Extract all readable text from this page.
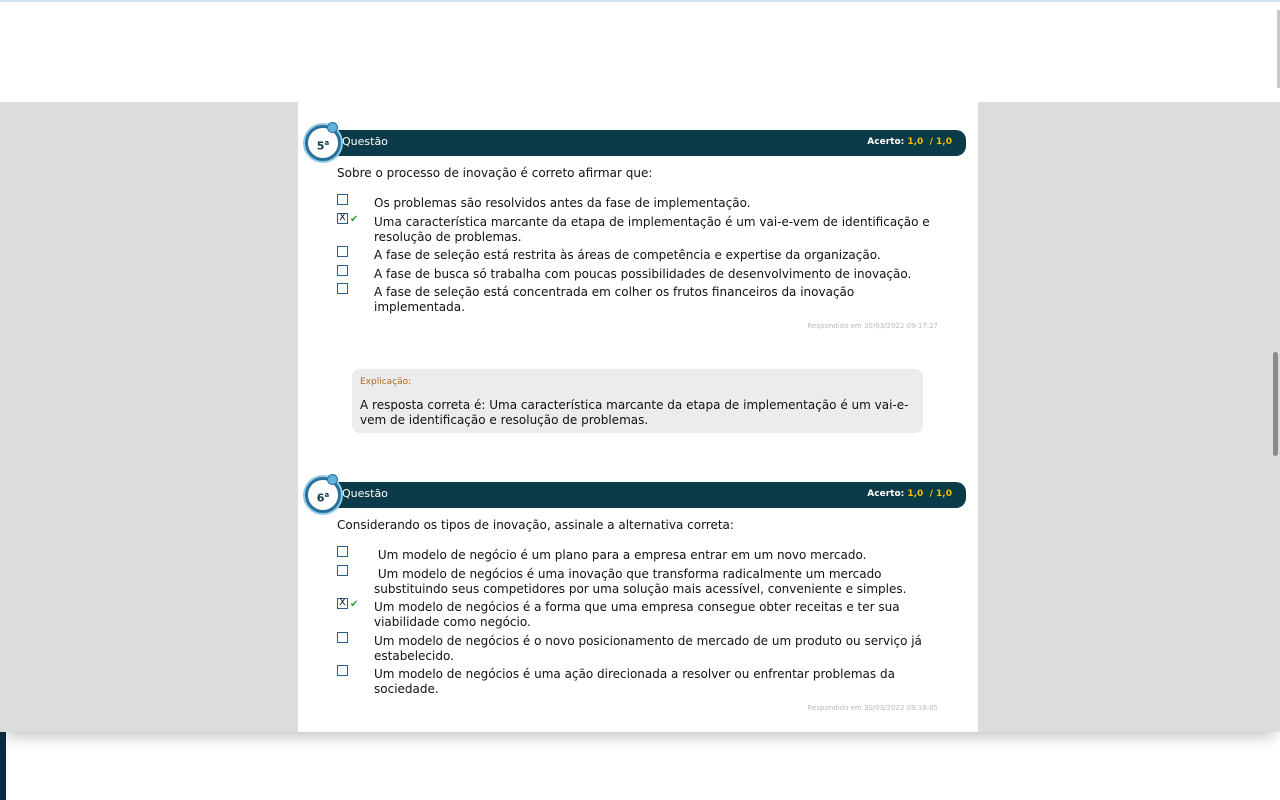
Questão	Acerto: 1,0 / 1,0
5$^a$
Sobre o processo de inovação é correto afirmar que:
Os problemas são resolvidos antes da fase de implementação.
X ✔ Uma característica marcante da etapa de implementação é um vai-e-vem de identificação e resolução de problemas.
A fase de seleção está restrita às áreas de competência e expertise da organização.
A fase de busca só trabalha com poucas possibilidades de desenvolvimento de inovação.
A fase de seleção está concentrada em colher os frutos financeiros da inovação implementada.
Respondido em 30/03/2022 09:17:27
Explicação:
A resposta correta é: Uma característica marcante da etapa de implementação é um vai-e-vem de identificação e resolução de problemas.
Questão	Acerto: 1,0 / 1,0
6$^a$
Considerando os tipos de inovação, assinale a alternativa correta:
Um modelo de negócio é um plano para a empresa entrar em um novo mercado.
Um modelo de negócios é uma inovação que transforma radicalmente um mercado substituindo seus competidores por uma solução mais acessível, conveniente e simples.
X ✔ Um modelo de negócios é a forma que uma empresa consegue obter receitas e ter sua viabilidade como negócio.
Um modelo de negócios é o novo posicionamento de mercado de um produto ou serviço já estabelecido.
Um modelo de negócios é uma ação direcionada a resolver ou enfrentar problemas da sociedade.
Respondido em 30/03/2022 09:18:05
